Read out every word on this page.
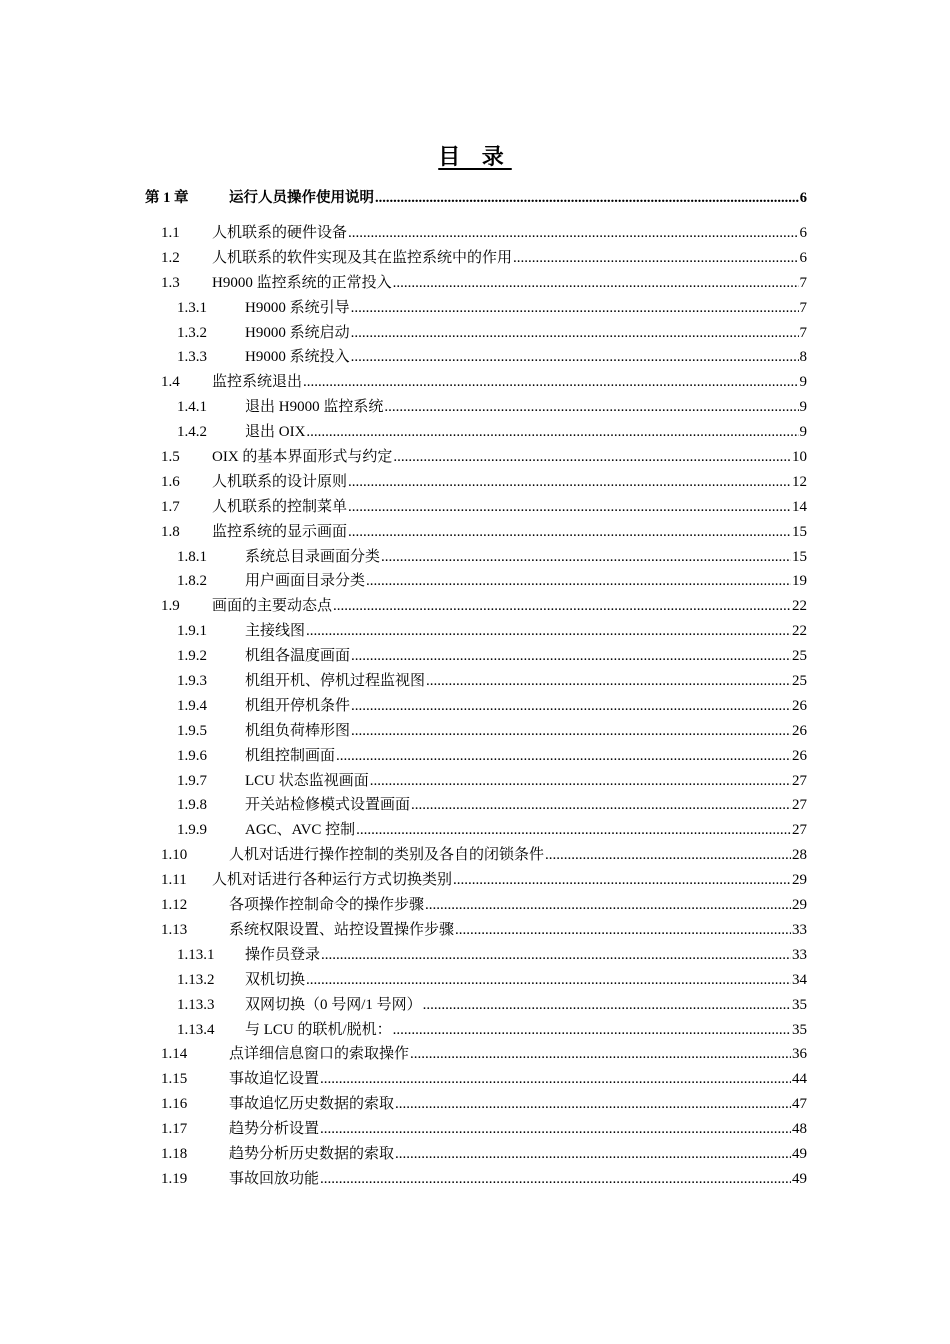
目 录
第 1 章	运行人员操作使用说明 .....	6
1.1	人机联系的硬件设备 .....	6
1.2	人机联系的软件实现及其在监控系统中的作用 .....	6
1.3	H9000 监控系统的正常投入 .....	7
1.3.1	H9000 系统引导 .....	7
1.3.2	H9000 系统启动 .....	7
1.3.3	H9000 系统投入 .....	8
1.4	监控系统退出 .....	9
1.4.1	退出 H9000 监控系统 .....	9
1.4.2	退出 OIX .....	9
1.5	OIX 的基本界面形式与约定 .....	10
1.6	人机联系的设计原则 .....	12
1.7	人机联系的控制菜单 .....	14
1.8	监控系统的显示画面 .....	15
1.8.1	系统总目录画面分类 .....	15
1.8.2	用户画面目录分类 .....	19
1.9	画面的主要动态点 .....	22
1.9.1	主接线图 .....	22
1.9.2	机组各温度画面 .....	25
1.9.3	机组开机、停机过程监视图 .....	25
1.9.4	机组开停机条件 .....	26
1.9.5	机组负荷棒形图 .....	26
1.9.6	机组控制画面 .....	26
1.9.7	LCU 状态监视画面 .....	27
1.9.8	开关站检修模式设置画面 .....	27
1.9.9	AGC、AVC 控制 .....	27
1.10	人机对话进行操作控制的类别及各自的闭锁条件 .....	28
1.11	人机对话进行各种运行方式切换类别 .....	29
1.12	各项操作控制命令的操作步骤 .....	29
1.13	系统权限设置、站控设置操作步骤 .....	33
1.13.1	操作员登录 .....	33
1.13.2	双机切换 .....	34
1.13.3	双网切换（0 号网/1 号网） .....	35
1.13.4	与 LCU 的联机/脱机： .....	35
1.14	点详细信息窗口的索取操作 .....	36
1.15	事故追忆设置 .....	44
1.16	事故追忆历史数据的索取 .....	47
1.17	趋势分析设置 .....	48
1.18	趋势分析历史数据的索取 .....	49
1.19	事故回放功能 .....	49
